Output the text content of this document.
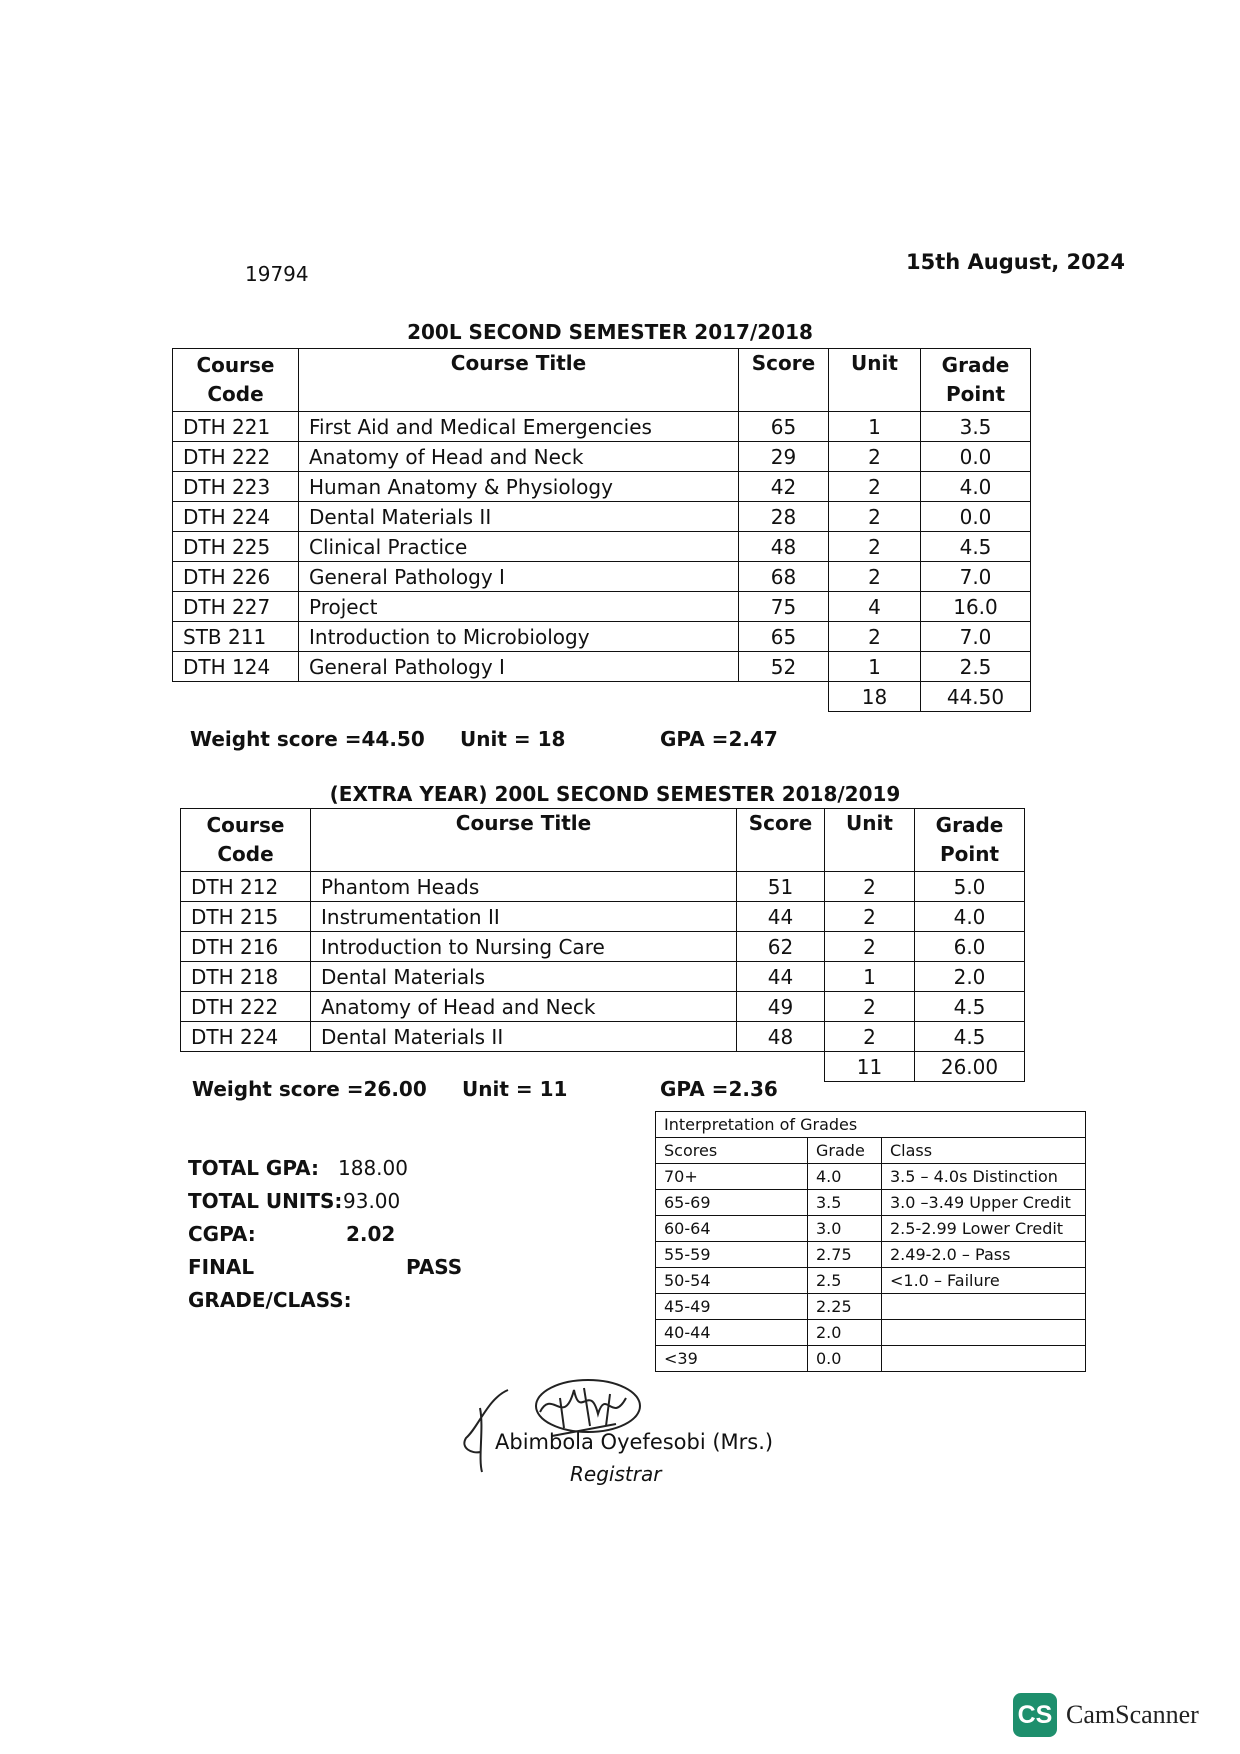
19794	15th August, 2024
200L SECOND SEMESTER 2017/2018
Course Code	Course Title	Score	Unit	Grade Point
DTH 221	First Aid and Medical Emergencies	65	1	3.5
DTH 222	Anatomy of Head and Neck	29	2	0.0
DTH 223	Human Anatomy & Physiology	42	2	4.0
DTH 224	Dental Materials II	28	2	0.0
DTH 225	Clinical Practice	48	2	4.5
DTH 226	General Pathology I	68	2	7.0
DTH 227	Project	75	4	16.0
STB 211	Introduction to Microbiology	65	2	7.0
DTH 124	General Pathology I	52	1	2.5
			18	44.50
Weight score =44.50 Unit = 18	GPA =2.47
(EXTRA YEAR) 200L SECOND SEMESTER 2018/2019
Course Code	Course Title	Score	Unit	Grade Point
DTH 212	Phantom Heads	51	2	5.0
DTH 215	Instrumentation II	44	2	4.0
DTH 216	Introduction to Nursing Care	62	2	6.0
DTH 218	Dental Materials	44	1	2.0
DTH 222	Anatomy of Head and Neck	49	2	4.5
DTH 224	Dental Materials II	48	2	4.5
			11	26.00
Weight score =26.00 Unit = 11	GPA =2.36
TOTAL GPA: 188.00
TOTAL UNITS: 93.00
CGPA:	2.02
FINAL GRADE/CLASS:
PASS
Interpretation of Grades		
Scores	Grade	Class
70+	4.0	3.5 – 4.0s Distinction
65-69	3.5	3.0 –3.49 Upper Credit
60-64	3.0	2.5-2.99 Lower Credit
55-59	2.75	2.49-2.0 – Pass
50-54	2.5	<1.0 – Failure
45-49	2.25	
40-44	2.0	
<39	0.0	
Abimbola Oyefesobi (Mrs.)
Registrar
CS CamScanner
